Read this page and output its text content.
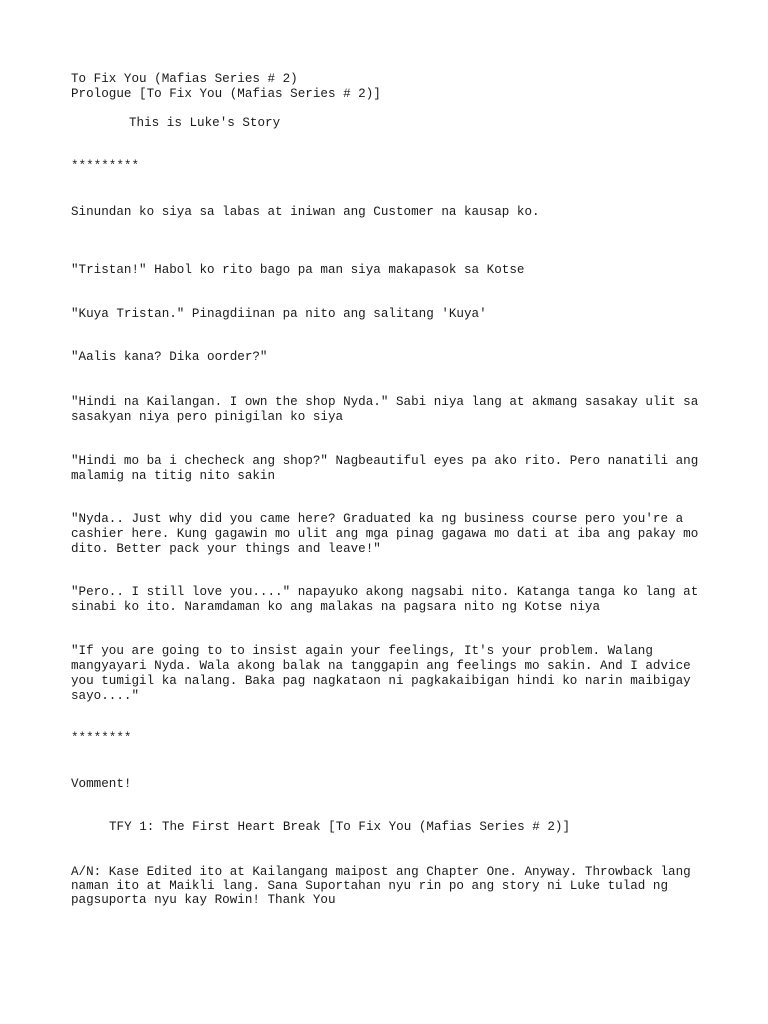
To Fix You (Mafias Series # 2)
Prologue [To Fix You (Mafias Series # 2)]
This is Luke's Story
*********
Sinundan ko siya sa labas at iniwan ang Customer na kausap ko.
"Tristan!" Habol ko rito bago pa man siya makapasok sa Kotse
"Kuya Tristan." Pinagdiinan pa nito ang salitang 'Kuya'
"Aalis kana? Dika oorder?"
"Hindi na Kailangan. I own the shop Nyda." Sabi niya lang at akmang sasakay ulit sa
sasakyan niya pero pinigilan ko siya
"Hindi mo ba i checheck ang shop?" Nagbeautiful eyes pa ako rito. Pero nanatili ang
malamig na titig nito sakin
"Nyda.. Just why did you came here? Graduated ka ng business course pero you're a
cashier here. Kung gagawin mo ulit ang mga pinag gagawa mo dati at iba ang pakay mo
dito. Better pack your things and leave!"
"Pero.. I still love you...." napayuko akong nagsabi nito. Katanga tanga ko lang at
sinabi ko ito. Naramdaman ko ang malakas na pagsara nito ng Kotse niya
"If you are going to to insist again your feelings, It's your problem. Walang
mangyayari Nyda. Wala akong balak na tanggapin ang feelings mo sakin. And I advice
you tumigil ka nalang. Baka pag nagkataon ni pagkakaibigan hindi ko narin maibigay
sayo...."
********
Vomment!
TFY 1: The First Heart Break [To Fix You (Mafias Series # 2)]
A/N: Kase Edited ito at Kailangang maipost ang Chapter One. Anyway. Throwback lang
naman ito at Maikli lang. Sana Suportahan nyu rin po ang story ni Luke tulad ng
pagsuporta nyu kay Rowin! Thank You
